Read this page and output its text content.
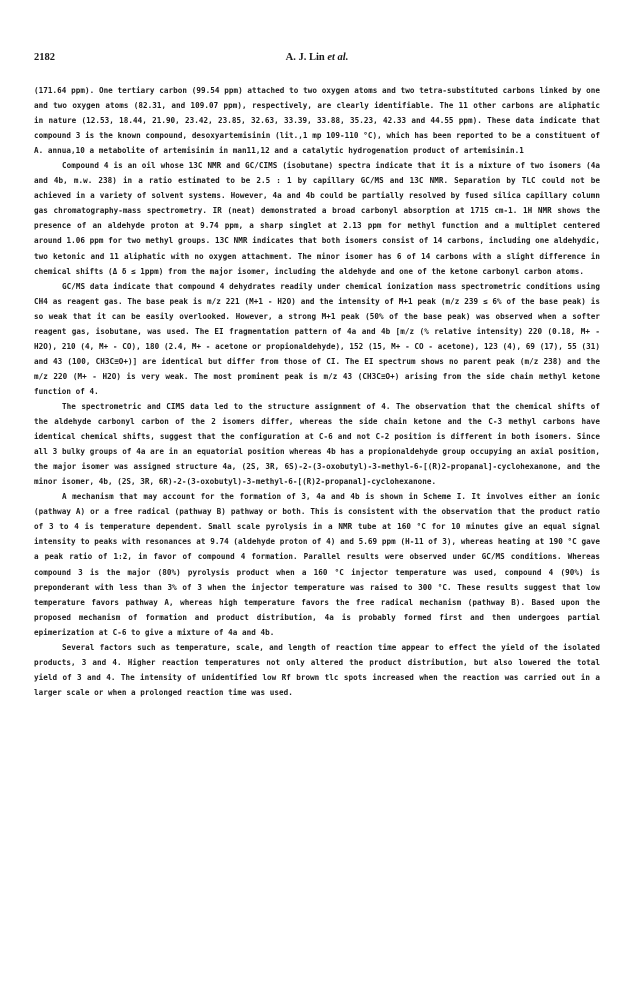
2182	A. J. Lin et al.

(171.64 ppm). One tertiary carbon (99.54 ppm) attached to two oxygen atoms and two tetra-substituted carbons linked by one and two oxygen atoms (82.31, and 109.07 ppm), respectively, are clearly identifiable. The 11 other carbons are aliphatic in nature (12.53, 18.44, 21.90, 23.42, 23.85, 32.63, 33.39, 33.88, 35.23, 42.33 and 44.55 ppm). These data indicate that compound 3 is the known compound, desoxyartemisinin (lit.,1 mp 109-110 °C), which has been reported to be a constituent of A. annua,10 a metabolite of artemisinin in man11,12 and a catalytic hydrogenation product of artemisinin.1

Compound 4 is an oil whose 13C NMR and GC/CIMS (isobutane) spectra indicate that it is a mixture of two isomers (4a and 4b, m.w. 238) in a ratio estimated to be 2.5 : 1 by capillary GC/MS and 13C NMR. Separation by TLC could not be achieved in a variety of solvent systems. However, 4a and 4b could be partially resolved by fused silica capillary column gas chromatography-mass spectrometry. IR (neat) demonstrated a broad carbonyl absorption at 1715 cm-1. 1H NMR shows the presence of an aldehyde proton at 9.74 ppm, a sharp singlet at 2.13 ppm for methyl function and a multiplet centered around 1.06 ppm for two methyl groups. 13C NMR indicates that both isomers consist of 14 carbons, including one aldehydic, two ketonic and 11 aliphatic with no oxygen attachment. The minor isomer has 6 of 14 carbons with a slight difference in chemical shifts (Δ δ ≤ 1ppm) from the major isomer, including the aldehyde and one of the ketone carbonyl carbon atoms.

GC/MS data indicate that compound 4 dehydrates readily under chemical ionization mass spectrometric conditions using CH4 as reagent gas. The base peak is m/z 221 (M+1 - H2O) and the intensity of M+1 peak (m/z 239 ≤ 6% of the base peak) is so weak that it can be easily overlooked. However, a strong M+1 peak (50% of the base peak) was observed when a softer reagent gas, isobutane, was used. The EI fragmentation pattern of 4a and 4b [m/z (% relative intensity) 220 (0.18, M+ - H2O), 210 (4, M+ - CO), 180 (2.4, M+ - acetone or propionaldehyde), 152 (15, M+ - CO - acetone), 123 (4), 69 (17), 55 (31) and 43 (100, CH3C≡O+)] are identical but differ from those of CI. The EI spectrum shows no parent peak (m/z 238) and the m/z 220 (M+ - H2O) is very weak. The most prominent peak is m/z 43 (CH3C≡O+) arising from the side chain methyl ketone function of 4.

The spectrometric and CIMS data led to the structure assignment of 4. The observation that the chemical shifts of the aldehyde carbonyl carbon of the 2 isomers differ, whereas the side chain ketone and the C-3 methyl carbons have identical chemical shifts, suggest that the configuration at C-6 and not C-2 position is different in both isomers. Since all 3 bulky groups of 4a are in an equatorial position whereas 4b has a propionaldehyde group occupying an axial position, the major isomer was assigned structure 4a, (2S, 3R, 6S)-2-(3-oxobutyl)-3-methyl-6-[(R)2-propanal]-cyclohexanone, and the minor isomer, 4b, (2S, 3R, 6R)-2-(3-oxobutyl)-3-methyl-6-[(R)2-propanal]-cyclohexanone.

A mechanism that may account for the formation of 3, 4a and 4b is shown in Scheme I. It involves either an ionic (pathway A) or a free radical (pathway B) pathway or both. This is consistent with the observation that the product ratio of 3 to 4 is temperature dependent. Small scale pyrolysis in a NMR tube at 160 °C for 10 minutes give an equal signal intensity to peaks with resonances at 9.74 (aldehyde proton of 4) and 5.69 ppm (H-11 of 3), whereas heating at 190 °C gave a peak ratio of 1:2, in favor of compound 4 formation. Parallel results were observed under GC/MS conditions. Whereas compound 3 is the major (80%) pyrolysis product when a 160 °C injector temperature was used, compound 4 (90%) is preponderant with less than 3% of 3 when the injector temperature was raised to 300 °C. These results suggest that low temperature favors pathway A, whereas high temperature favors the free radical mechanism (pathway B). Based upon the proposed mechanism of formation and product distribution, 4a is probably formed first and then undergoes partial epimerization at C-6 to give a mixture of 4a and 4b.

Several factors such as temperature, scale, and length of reaction time appear to effect the yield of the isolated products, 3 and 4. Higher reaction temperatures not only altered the product distribution, but also lowered the total yield of 3 and 4. The intensity of unidentified low Rf brown tlc spots increased when the reaction was carried out in a larger scale or when a prolonged reaction time was used.
